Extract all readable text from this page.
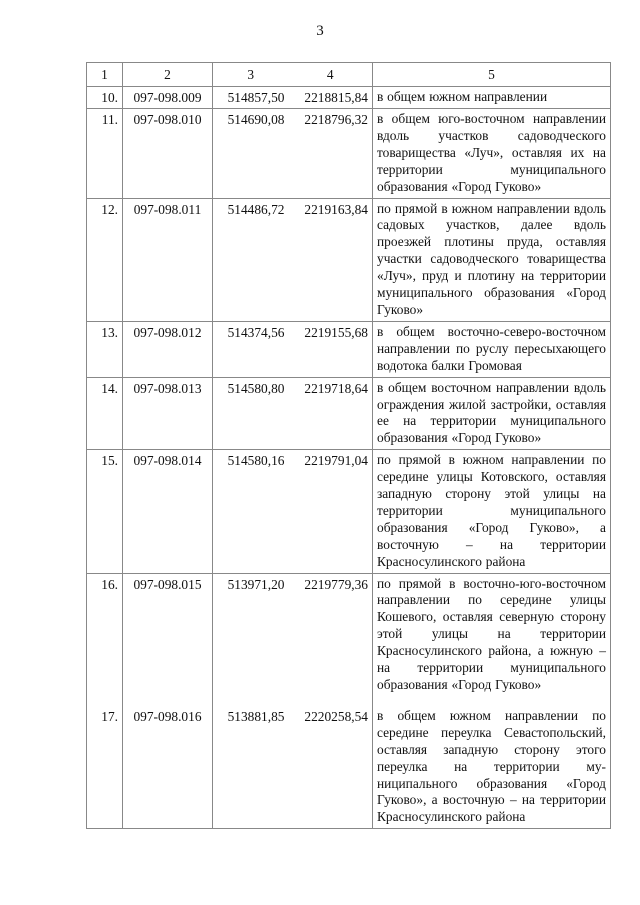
3
1	2	3	4	5
10.	097-098.009	514857,50	2218815,84	в общем южном направлении
11.	097-098.010	514690,08	2218796,32	в общем юго-восточном направлении вдоль участков садоводческого товарищества «Луч», оставляя их на территории муниципального образования «Город Гуково»
12.	097-098.011	514486,72	2219163,84	по прямой в южном направлении вдоль садовых участков, далее вдоль проезжей плотины пруда, оставляя участки садоводческого товарищества «Луч», пруд и плотину на территории муниципального образования «Город Гуково»
13.	097-098.012	514374,56	2219155,68	в общем восточно-северо-восточном направлении по руслу пересыхающего водотока балки Громовая
14.	097-098.013	514580,80	2219718,64	в общем восточном направлении вдоль ограждения жилой застройки, оставляя ее на территории муниципального образования «Город Гуково»
15.	097-098.014	514580,16	2219791,04	по прямой в южном направлении по середине улицы Котовского, оставляя западную сторону этой улицы на территории муниципального образования «Город Гуково», а восточную – на территории Красносулинского района
16.	097-098.015	513971,20	2219779,36	по прямой в восточно-юго-восточном направлении по середине улицы Кошевого, оставляя северную сторону этой улицы на территории Красносулинского района, а южную – на территории муниципального образования «Город Гуково»
17.	097-098.016	513881,85	2220258,54	в общем южном направлении по середине переулка Севастопольский, оставляя западную сторону этого переулка на территории муниципального образования «Город Гуково», а восточную – на территории Красносулинского района
